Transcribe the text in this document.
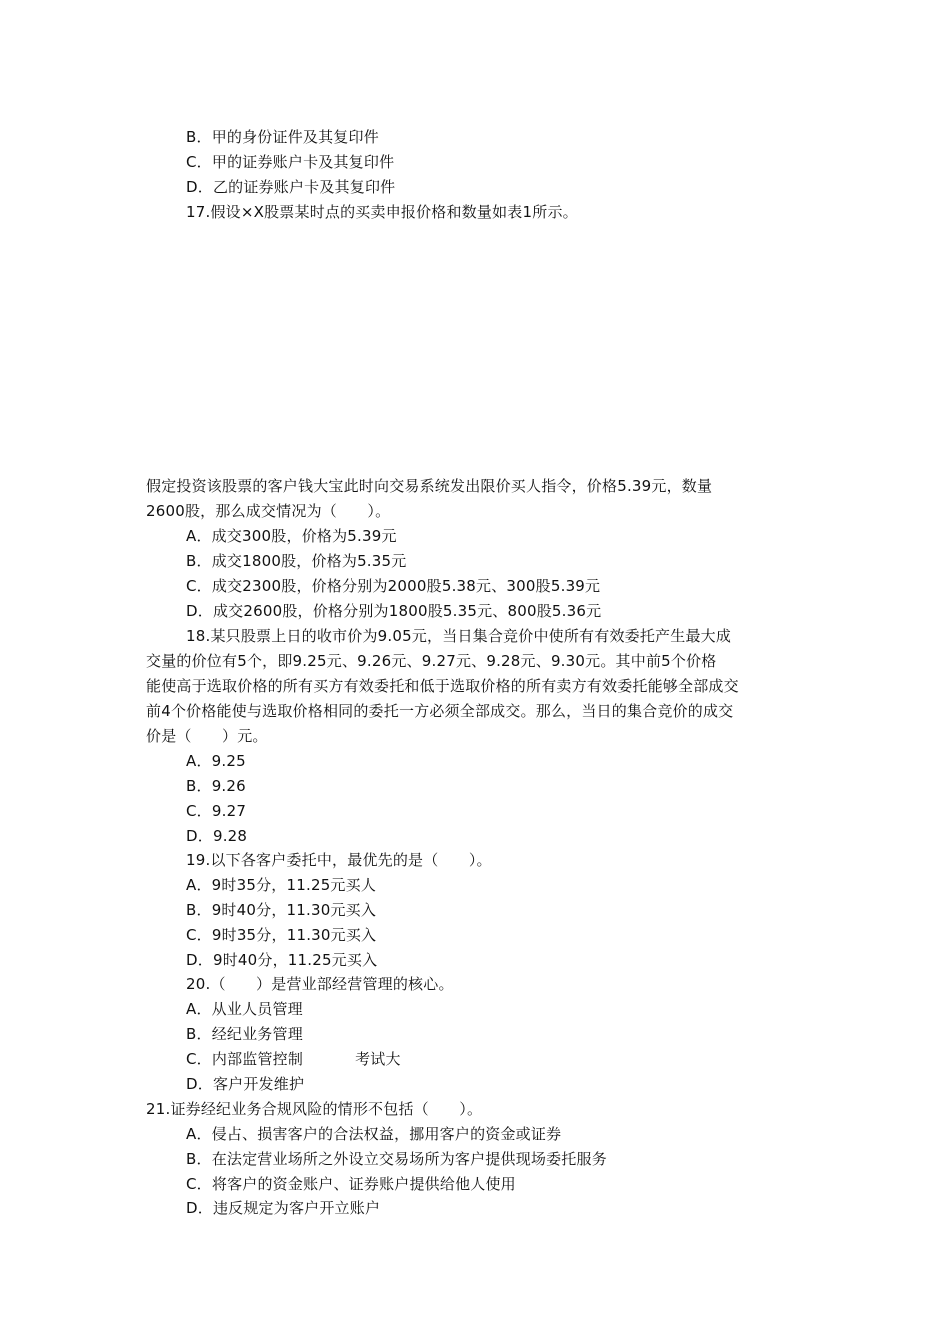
B．甲的身份证件及其复印件
C．甲的证券账户卡及其复印件
D．乙的证券账户卡及其复印件
17.假设×X股票某时点的买卖申报价格和数量如表1所示。
假定投资该股票的客户钱大宝此时向交易系统发出限价买人指令，价格5.39元，数量
2600股，那么成交情况为（　　）。
A．成交300股，价格为5.39元
B．成交1800股，价格为5.35元
C．成交2300股，价格分别为2000股5.38元、300股5.39元
D．成交2600股，价格分别为1800股5.35元、800股5.36元
18.某只股票上日的收市价为9.05元，当日集合竞价中使所有有效委托产生最大成
交量的价位有5个，即9.25元、9.26元、9.27元、9.28元、9.30元。其中前5个价格
能使高于选取价格的所有买方有效委托和低于选取价格的所有卖方有效委托能够全部成交
前4个价格能使与选取价格相同的委托一方必须全部成交。那么，当日的集合竞价的成交
价是（　　）元。
A．9.25
B．9.26
C．9.27
D．9.28
19.以下各客户委托中，最优先的是（　　）。
A．9时35分，11.25元买人
B．9时40分，11.30元买入
C．9时35分，11.30元买入
D．9时40分，11.25元买入
20.（　　）是营业部经营管理的核心。
A．从业人员管理
B．经纪业务管理
C．内部监管控制	考试大
D．客户开发维护
21.证券经纪业务合规风险的情形不包括（　　）。
A．侵占、损害客户的合法权益，挪用客户的资金或证券
B．在法定营业场所之外设立交易场所为客户提供现场委托服务
C．将客户的资金账户、证券账户提供给他人使用
D．违反规定为客户开立账户
